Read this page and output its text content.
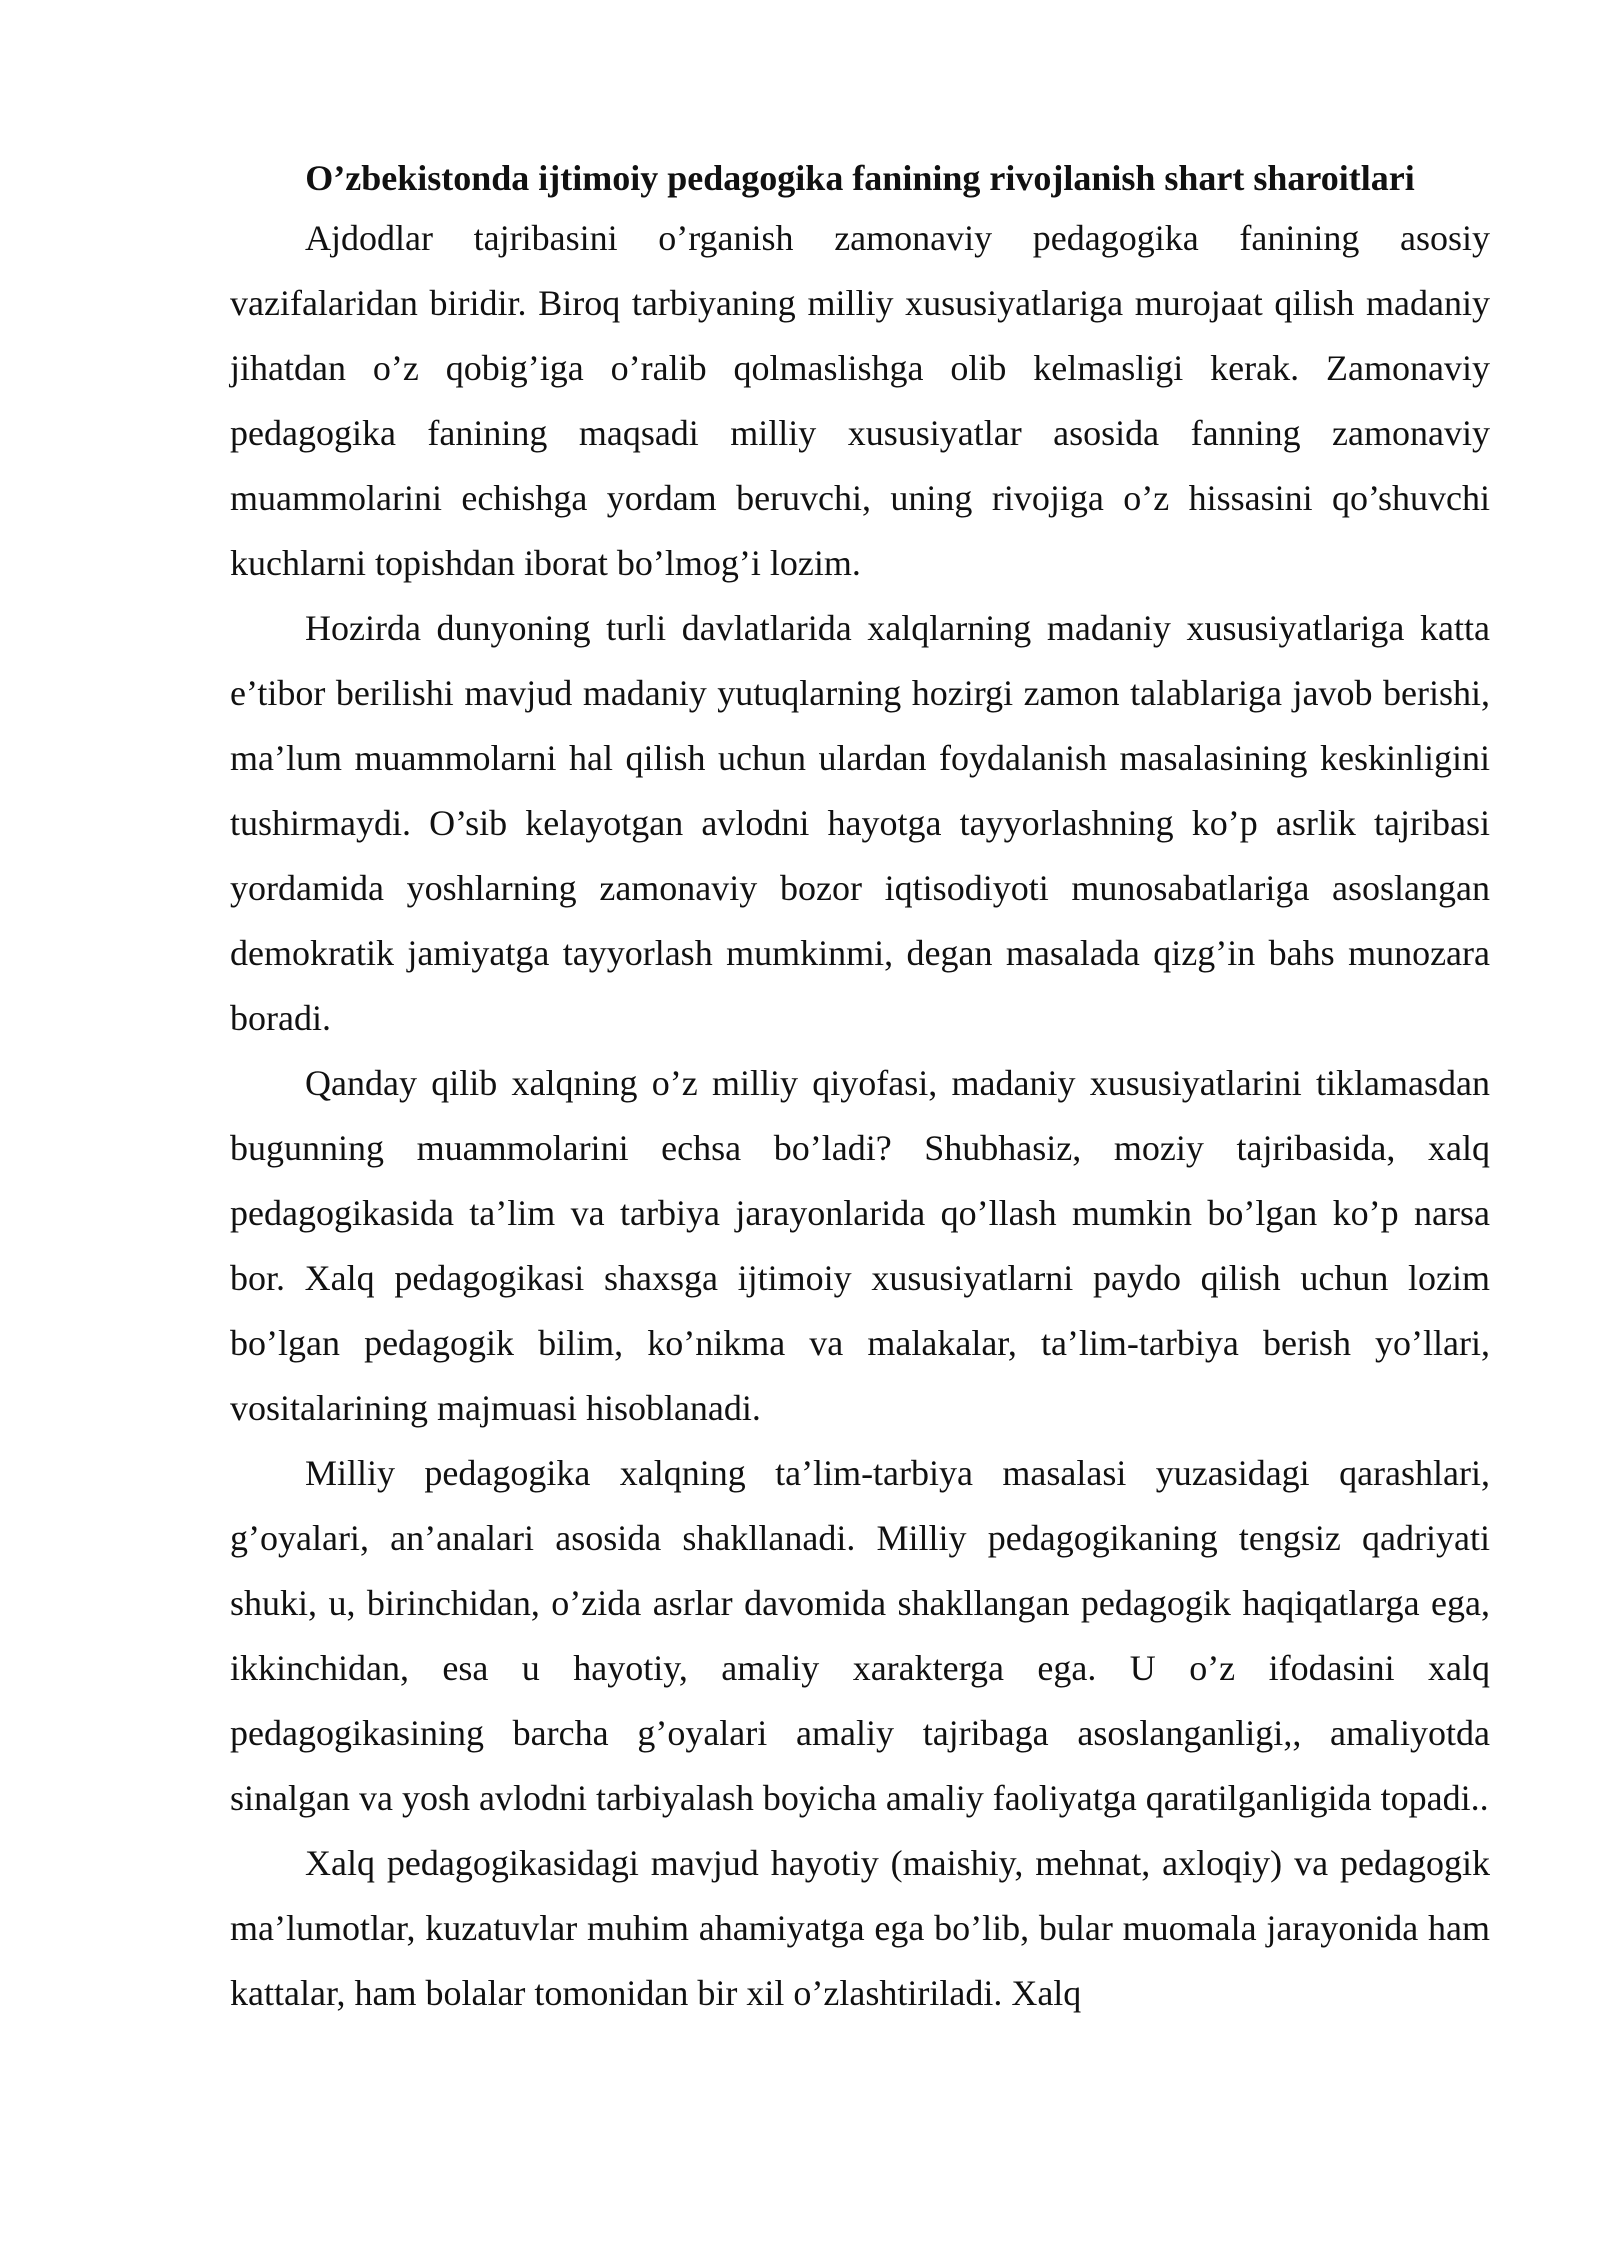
O’zbekistonda ijtimoiy pedagogika fanining rivojlanish shart sharoitlari

Ajdodlar tajribasini o’rganish zamonaviy pedagogika fanining asosiy vazifalaridan biridir. Biroq tarbiyaning milliy xususiyatlariga murojaat qilish madaniy jihatdan o’z qobig’iga o’ralib qolmaslishga olib kelmasligi kerak. Zamonaviy pedagogika fanining maqsadi milliy xususiyatlar asosida fanning zamonaviy muammolarini echishga yordam beruvchi, uning rivojiga o’z hissasini qo’shuvchi kuchlarni topishdan iborat bo’lmog’i lozim.

Hozirda dunyoning turli davlatlarida xalqlarning madaniy xususiyatlariga katta e’tibor berilishi mavjud madaniy yutuqlarning hozirgi zamon talablariga javob berishi, ma’lum muammolarni hal qilish uchun ulardan foydalanish masalasining keskinligini tushirmaydi. O’sib kelayotgan avlodni hayotga tayyorlashning ko’p asrlik tajribasi yordamida yoshlarning zamonaviy bozor iqtisodiyoti munosabatlariga asoslangan demokratik jamiyatga tayyorlash mumkinmi, degan masalada qizg’in bahs munozara boradi.

Qanday qilib xalqning o’z milliy qiyofasi, madaniy xususiyatlarini tiklamasdan bugunning muammolarini echsa bo’ladi? Shubhasiz, moziy tajribasida, xalq pedagogikasida ta’lim va tarbiya jarayonlarida qo’llash mumkin bo’lgan ko’p narsa bor. Xalq pedagogikasi shaxsga ijtimoiy xususiyatlarni paydo qilish uchun lozim bo’lgan pedagogik bilim, ko’nikma va malakalar, ta’lim-tarbiya berish yo’llari, vositalarining majmuasi hisoblanadi.

Milliy pedagogika xalqning ta’lim-tarbiya masalasi yuzasidagi qarashlari, g’oyalari, an’analari asosida shakllanadi. Milliy pedagogikaning tengsiz qadriyati shuki, u, birinchidan, o’zida asrlar davomida shakllangan pedagogik haqiqatlarga ega, ikkinchidan, esa u hayotiy, amaliy xarakterga ega. U o’z ifodasini xalq pedagogikasining barcha g’oyalari amaliy tajribaga asoslanganligi,, amaliyotda sinalgan va yosh avlodni tarbiyalash boyicha amaliy faoliyatga qaratilganligida topadi..

Xalq pedagogikasidagi mavjud hayotiy (maishiy, mehnat, axloqiy) va pedagogik ma’lumotlar, kuzatuvlar muhim ahamiyatga ega bo’lib, bular muomala jarayonida ham kattalar, ham bolalar tomonidan bir xil o’zlashtiriladi. Xalq
